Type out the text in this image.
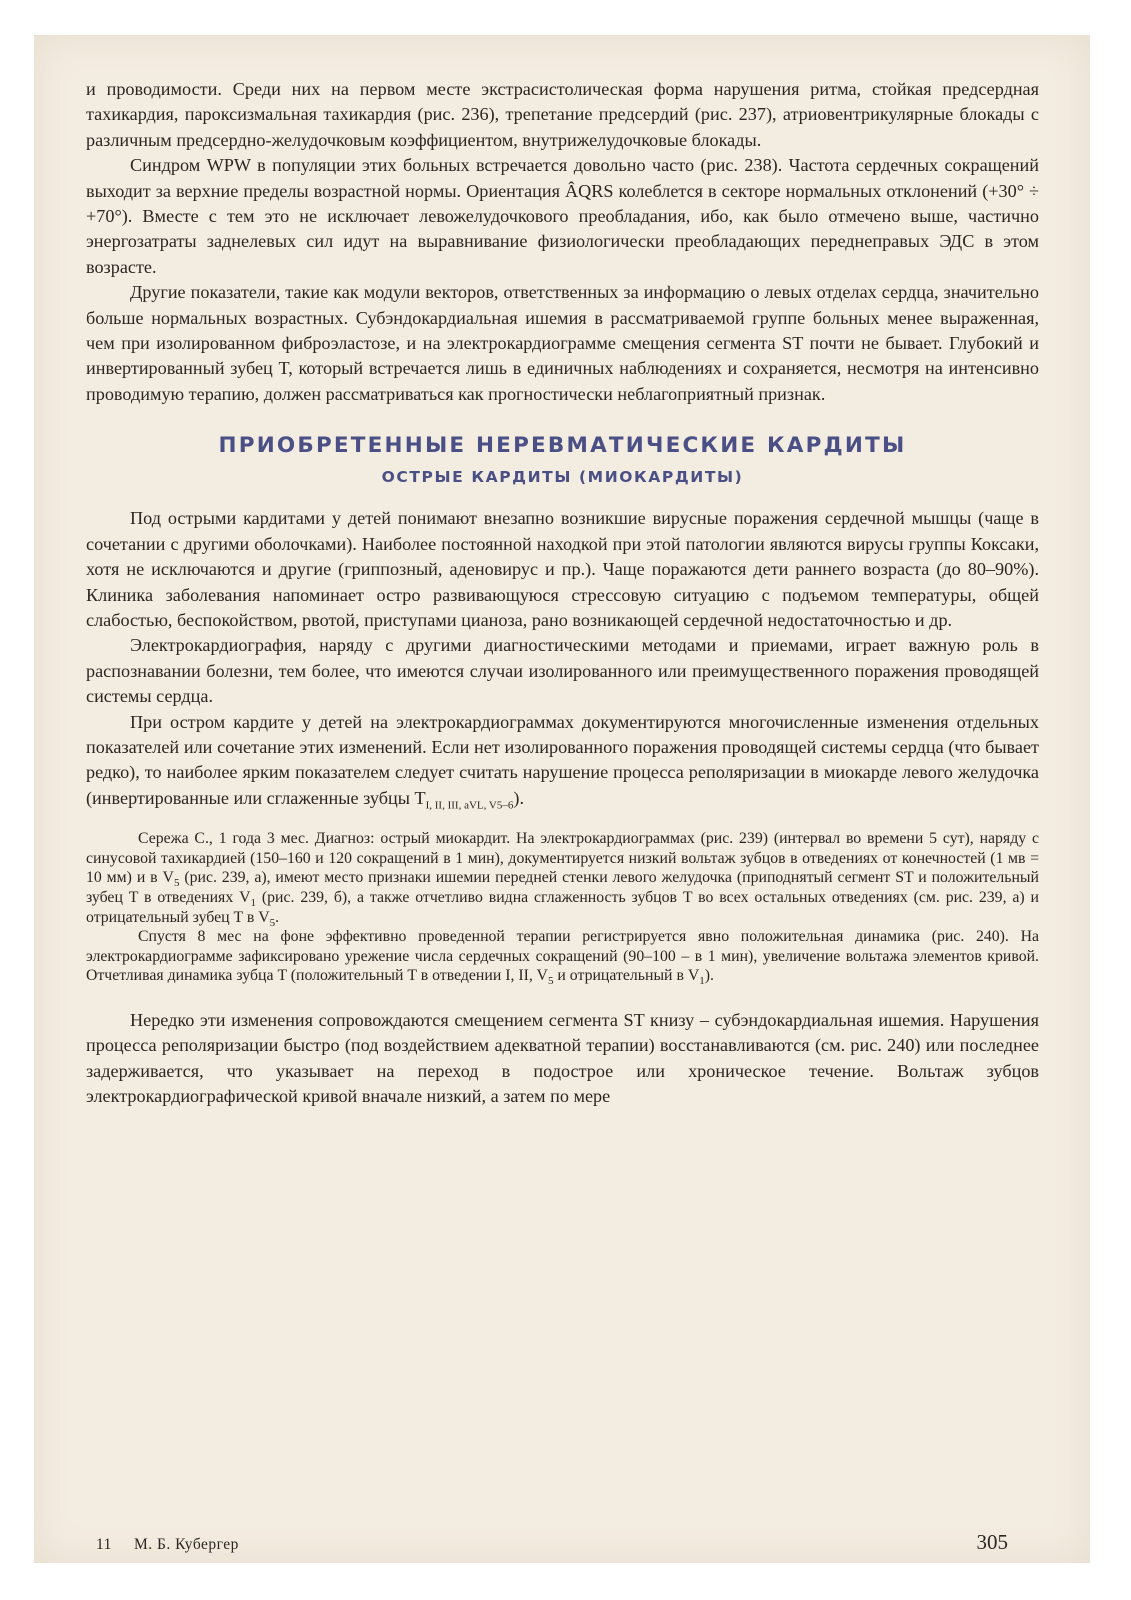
и проводимости. Среди них на первом месте экстрасистолическая форма нарушения ритма, стойкая предсердная тахикардия, пароксизмальная тахикардия (рис. 236), трепетание предсердий (рис. 237), атриовентрикулярные блокады с различным предсердно-желудочковым коэффициентом, внутрижелудочковые блокады.

Синдром WPW в популяции этих больных встречается довольно часто (рис. 238). Частота сердечных сокращений выходит за верхние пределы возрастной нормы. Ориентация ÂQRS колеблется в секторе нормальных отклонений (+30° ÷ +70°). Вместе с тем это не исключает левожелудочкового преобладания, ибо, как было отмечено выше, частично энергозатраты заднелевых сил идут на выравнивание физиологически преобладающих переднеправых ЭДС в этом возрасте.

Другие показатели, такие как модули векторов, ответственных за информацию о левых отделах сердца, значительно больше нормальных возрастных. Субэндокардиальная ишемия в рассматриваемой группе больных менее выраженная, чем при изолированном фиброэластозе, и на электрокардиограмме смещения сегмента ST почти не бывает. Глубокий и инвертированный зубец T, который встречается лишь в единичных наблюдениях и сохраняется, несмотря на интенсивно проводимую терапию, должен рассматриваться как прогностически неблагоприятный признак.

ПРИОБРЕТЕННЫЕ НЕРЕВМАТИЧЕСКИЕ КАРДИТЫ
ОСТРЫЕ КАРДИТЫ (МИОКАРДИТЫ)

Под острыми кардитами у детей понимают внезапно возникшие вирусные поражения сердечной мышцы (чаще в сочетании с другими оболочками). Наиболее постоянной находкой при этой патологии являются вирусы группы Коксаки, хотя не исключаются и другие (гриппозный, аденовирус и пр.). Чаще поражаются дети раннего возраста (до 80–90%). Клиника заболевания напоминает остро развивающуюся стрессовую ситуацию с подъемом температуры, общей слабостью, беспокойством, рвотой, приступами цианоза, рано возникающей сердечной недостаточностью и др.

Электрокардиография, наряду с другими диагностическими методами и приемами, играет важную роль в распознавании болезни, тем более, что имеются случаи изолированного или преимущественного поражения проводящей системы сердца.

При остром кардите у детей на электрокардиограммах документируются многочисленные изменения отдельных показателей или сочетание этих изменений. Если нет изолированного поражения проводящей системы сердца (что бывает редко), то наиболее ярким показателем следует считать нарушение процесса реполяризации в миокарде левого желудочка (инвертированные или сглаженные зубцы $T_{I, II, III, aVL, V5-6}$).

Сережа С., 1 года 3 мес. Диагноз: острый миокардит. На электрокардиограммах (рис. 239) (интервал во времени 5 сут), наряду с синусовой тахикардией (150–160 и 120 сокращений в 1 мин), документируется низкий вольтаж зубцов в отведениях от конечностей (1 мв = 10 мм) и в $V_5$ (рис. 239, а), имеют место признаки ишемии передней стенки левого желудочка (приподнятый сегмент ST и положительный зубец T в отведениях $V_1$ (рис. 239, б), а также отчетливо видна сглаженность зубцов T во всех остальных отведениях (см. рис. 239, а) и отрицательный зубец T в $V_5$.

Спустя 8 мес на фоне эффективно проведенной терапии регистрируется явно положительная динамика (рис. 240). На электрокардиограмме зафиксировано урежение числа сердечных сокращений (90–100 – в 1 мин), увеличение вольтажа элементов кривой. Отчетливая динамика зубца T (положительный T в отведении I, II, $V_5$ и отрицательный в $V_1$).

Нередко эти изменения сопровождаются смещением сегмента ST книзу – субэндокардиальная ишемия. Нарушения процесса реполяризации быстро (под воздействием адекватной терапии) восстанавливаются (см. рис. 240) или последнее задерживается, что указывает на переход в подострое или хроническое течение. Вольтаж зубцов электрокардиографической кривой вначале низкий, а затем по мере

11 М. Б. Кубергер	305
